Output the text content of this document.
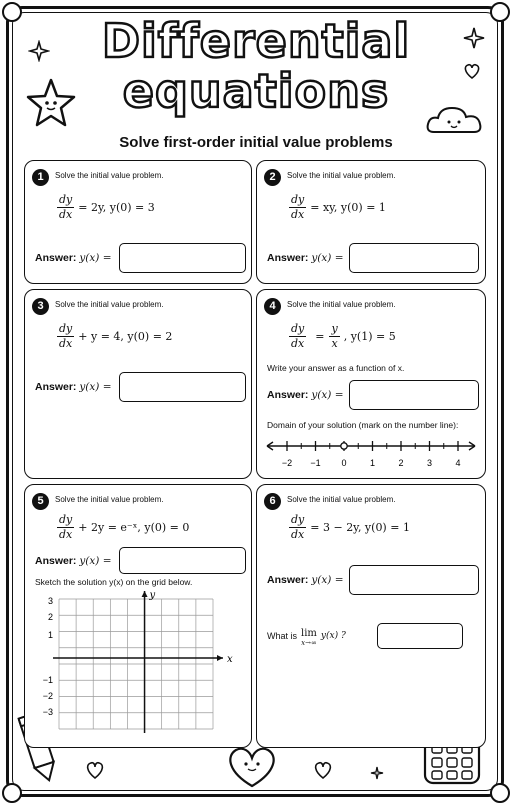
Differential
equations
Solve first-order initial value problems
1	Solve the initial value problem.
$\frac{dy}{dx} = 2y$, y(0) = 3
Answer: y(x) =
2	Solve the initial value problem.
$\frac{dy}{dx}$ = xy, y(0) = 1
Answer: y(x) =
3	Solve the initial value problem.
$\frac{dy}{dx} + y = 4$, y(0) = 2
Answer: y(x) =
4	Solve the initial value problem.
$\frac{dy}{dx} = \frac{y}{x}$ , y(1) = 5
Write your answer as a function of x.
Answer: y(x) =
Domain of your solution (mark on the number line):
−2 −1 0	1	2	3	4
5	Solve the initial value problem.
$\frac{dy}{dx} + 2y$ = e⁻ˣ, y(0) = 0
Answer: y(x) =
Sketch the solution y(x) on the grid below.
x
y
3
2
1
−1
−2
−3
6	Solve the initial value problem.
$\frac{dy}{dx} = 3 - 2y$, y(0) = 1
Answer: y(x) =
What is lim
x→∞
y(x) ?
